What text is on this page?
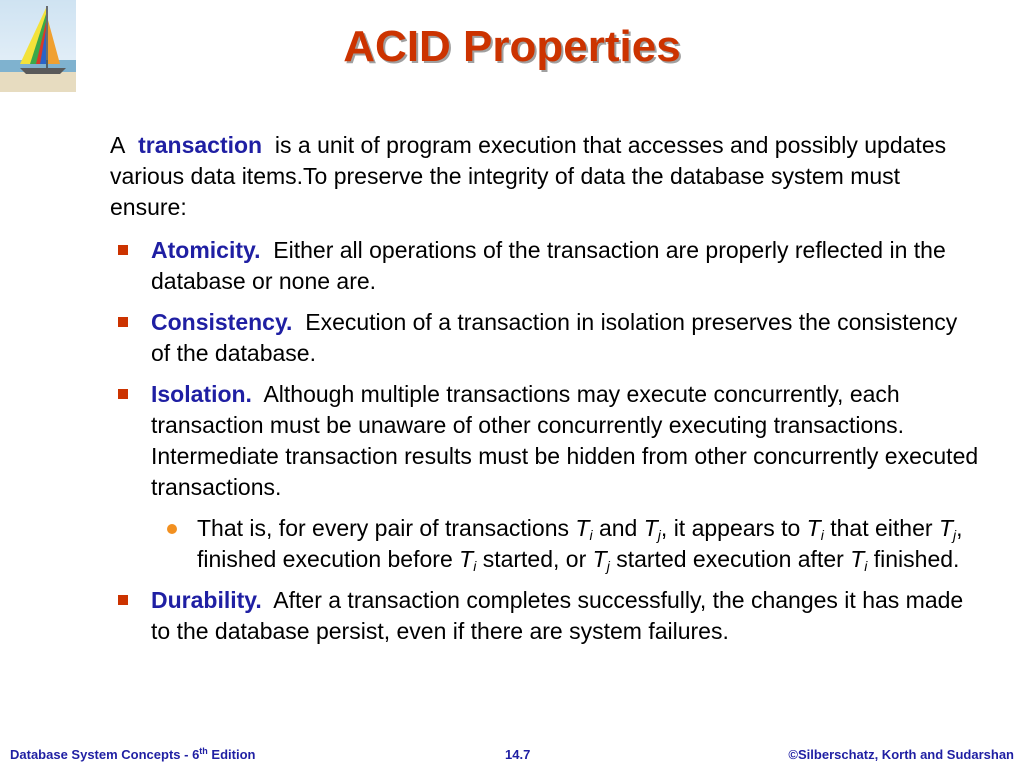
ACID Properties

A transaction is a unit of program execution that accesses and possibly updates various data items.To preserve the integrity of data the database system must ensure:

Atomicity. Either all operations of the transaction are properly reflected in the database or none are.
Consistency. Execution of a transaction in isolation preserves the consistency of the database.
Isolation. Although multiple transactions may execute concurrently, each transaction must be unaware of other concurrently executing transactions. Intermediate transaction results must be hidden from other concurrently executed transactions.
That is, for every pair of transactions $T_i$ and $T_j$, it appears to $T_i$ that either $T_j$, finished execution before $T_i$ started, or $T_j$ started execution after $T_i$ finished.
Durability. After a transaction completes successfully, the changes it has made to the database persist, even if there are system failures.
Database System Concepts - 6th Edition	14.7	©Silberschatz, Korth and Sudarshan
